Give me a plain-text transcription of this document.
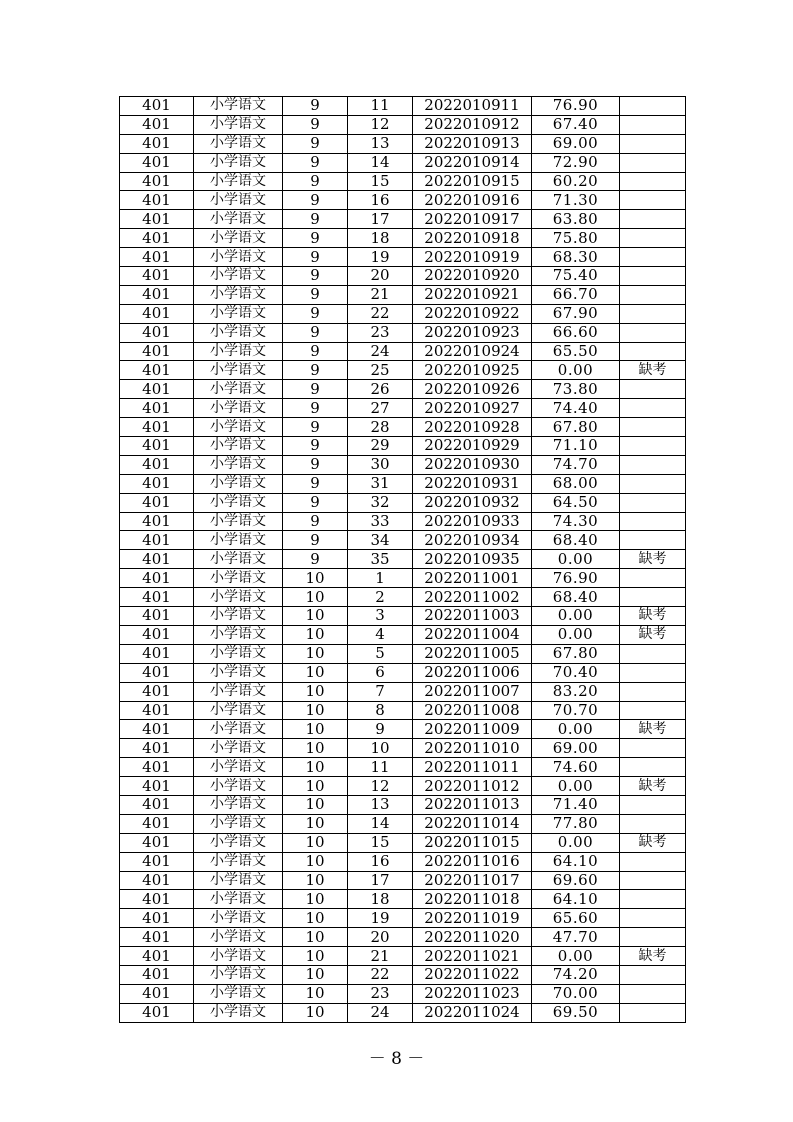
401	小学语文	9	11	2022010911	76.90	
401	小学语文	9	12	2022010912	67.40	
401	小学语文	9	13	2022010913	69.00	
401	小学语文	9	14	2022010914	72.90	
401	小学语文	9	15	2022010915	60.20	
401	小学语文	9	16	2022010916	71.30	
401	小学语文	9	17	2022010917	63.80	
401	小学语文	9	18	2022010918	75.80	
401	小学语文	9	19	2022010919	68.30	
401	小学语文	9	20	2022010920	75.40	
401	小学语文	9	21	2022010921	66.70	
401	小学语文	9	22	2022010922	67.90	
401	小学语文	9	23	2022010923	66.60	
401	小学语文	9	24	2022010924	65.50	
401	小学语文	9	25	2022010925	0.00	缺考
401	小学语文	9	26	2022010926	73.80	
401	小学语文	9	27	2022010927	74.40	
401	小学语文	9	28	2022010928	67.80	
401	小学语文	9	29	2022010929	71.10	
401	小学语文	9	30	2022010930	74.70	
401	小学语文	9	31	2022010931	68.00	
401	小学语文	9	32	2022010932	64.50	
401	小学语文	9	33	2022010933	74.30	
401	小学语文	9	34	2022010934	68.40	
401	小学语文	9	35	2022010935	0.00	缺考
401	小学语文	10	1	2022011001	76.90	
401	小学语文	10	2	2022011002	68.40	
401	小学语文	10	3	2022011003	0.00	缺考
401	小学语文	10	4	2022011004	0.00	缺考
401	小学语文	10	5	2022011005	67.80	
401	小学语文	10	6	2022011006	70.40	
401	小学语文	10	7	2022011007	83.20	
401	小学语文	10	8	2022011008	70.70	
401	小学语文	10	9	2022011009	0.00	缺考
401	小学语文	10	10	2022011010	69.00	
401	小学语文	10	11	2022011011	74.60	
401	小学语文	10	12	2022011012	0.00	缺考
401	小学语文	10	13	2022011013	71.40	
401	小学语文	10	14	2022011014	77.80	
401	小学语文	10	15	2022011015	0.00	缺考
401	小学语文	10	16	2022011016	64.10	
401	小学语文	10	17	2022011017	69.60	
401	小学语文	10	18	2022011018	64.10	
401	小学语文	10	19	2022011019	65.60	
401	小学语文	10	20	2022011020	47.70	
401	小学语文	10	21	2022011021	0.00	缺考
401	小学语文	10	22	2022011022	74.20	
401	小学语文	10	23	2022011023	70.00	
401	小学语文	10	24	2022011024	69.50	
－ 8 －
